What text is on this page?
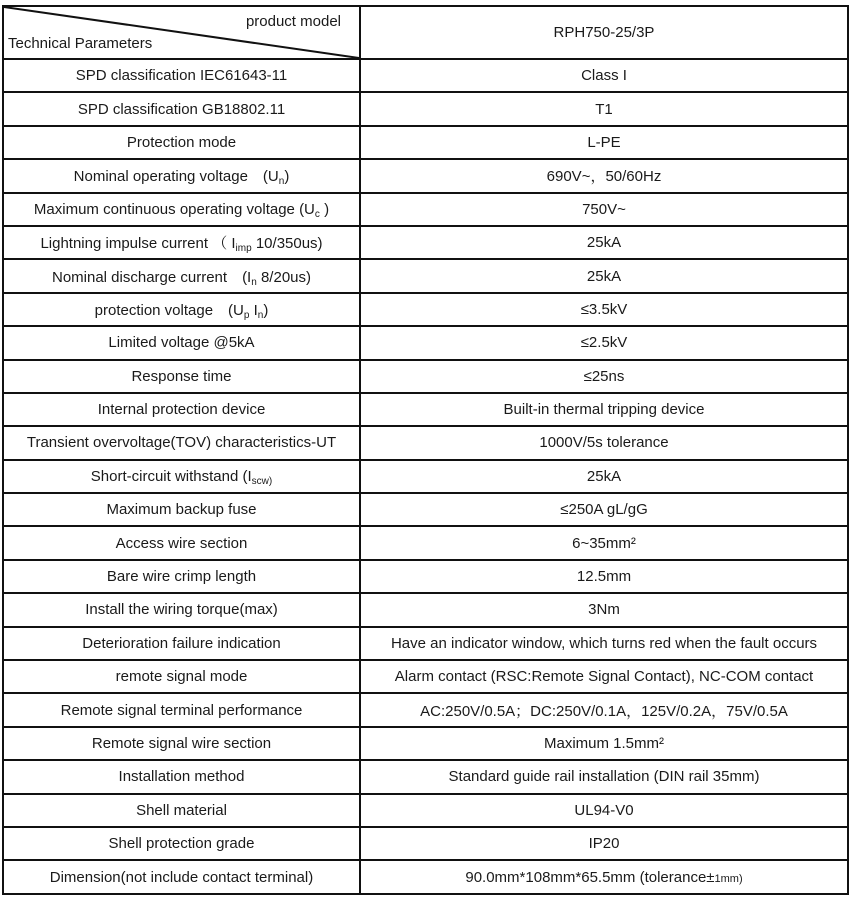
product model
Technical Parameters	RPH750-25/3P
SPD classification IEC61643-11	Class I
SPD classification GB18802.11	T1
Protection mode	L-PE
Nominal operating voltage　$(U_n)$	690V~，50/60Hz
Maximum continuous operating voltage ($U_c$ )	750V~
Lightning impulse current （ $I_{imp}$ 10/350us)	25kA
Nominal discharge current　($I_n$ 8/20us)	25kA
protection voltage　($U_p$ $I_n$)	≤3.5kV
Limited voltage @5kA	≤2.5kV
Response time	≤25ns
Internal protection device	Built-in thermal tripping device
Transient overvoltage(TOV) characteristics-UT	1000V/5s tolerance
Short-circuit withstand ($I_{scw)}$	25kA
Maximum backup fuse	≤250A gL/gG
Access wire section	6~35mm²
Bare wire crimp length	12.5mm
Install the wiring torque(max)	3Nm
Deterioration failure indication	Have an indicator window, which turns red when the fault occurs
remote signal mode	Alarm contact (RSC:Remote Signal Contact), NC-COM contact
Remote signal terminal performance	AC:250V/0.5A；DC:250V/0.1A，125V/0.2A，75V/0.5A
Remote signal wire section	Maximum 1.5mm²
Installation method	Standard guide rail installation (DIN rail 35mm)
Shell material	UL94-V0
Shell protection grade	IP20
Dimension(not include contact terminal)	90.0mm*108mm*65.5mm (tolerance±1mm)
